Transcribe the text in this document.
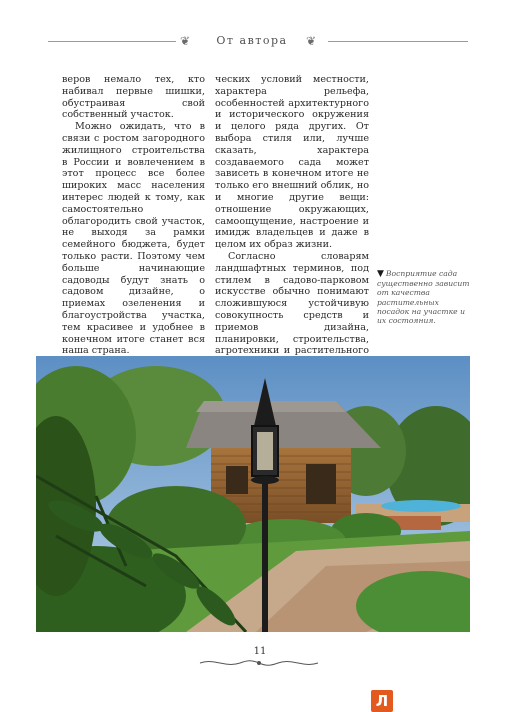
❦	От автора	❦

веров немало тех, кто набивал первые шишки, обустраивая свой собственный участок.

Можно ожидать, что в связи с ростом загородного жилищного строительства в России и вовлечением в этот процесс все более широких масс населения интерес людей к тому, как самостоятельно облагородить свой участок, не выходя за рамки семейного бюджета, будет только расти. Поэтому чем больше начинающие садоводы будут знать о садовом дизайне, о приемах озеленения и благоустройства участка, тем красивее и удобнее в конечном итоге станет вся наша страна.

ческих условий местности, характера рельефа, особенностей архитектурного и исторического окружения и целого ряда других. От выбора стиля или, лучше сказать, характера создаваемого сада может зависеть в конечном итоге не только его внешний облик, но и многие другие вещи: отношение окружающих, самоощущение, настроение и имидж владельцев и даже в целом их образ жизни.

Согласно словарям ландшафтных терминов, под стилем в садово-парковом искусстве обычно понимают сложившуюся устойчивую совокупность средств и приемов дизайна, планировки, строительства, агротехники и растительного

▼ Восприятие сада существенно зависит от качества растительных посадок на участке и их состояния.
11
Л
